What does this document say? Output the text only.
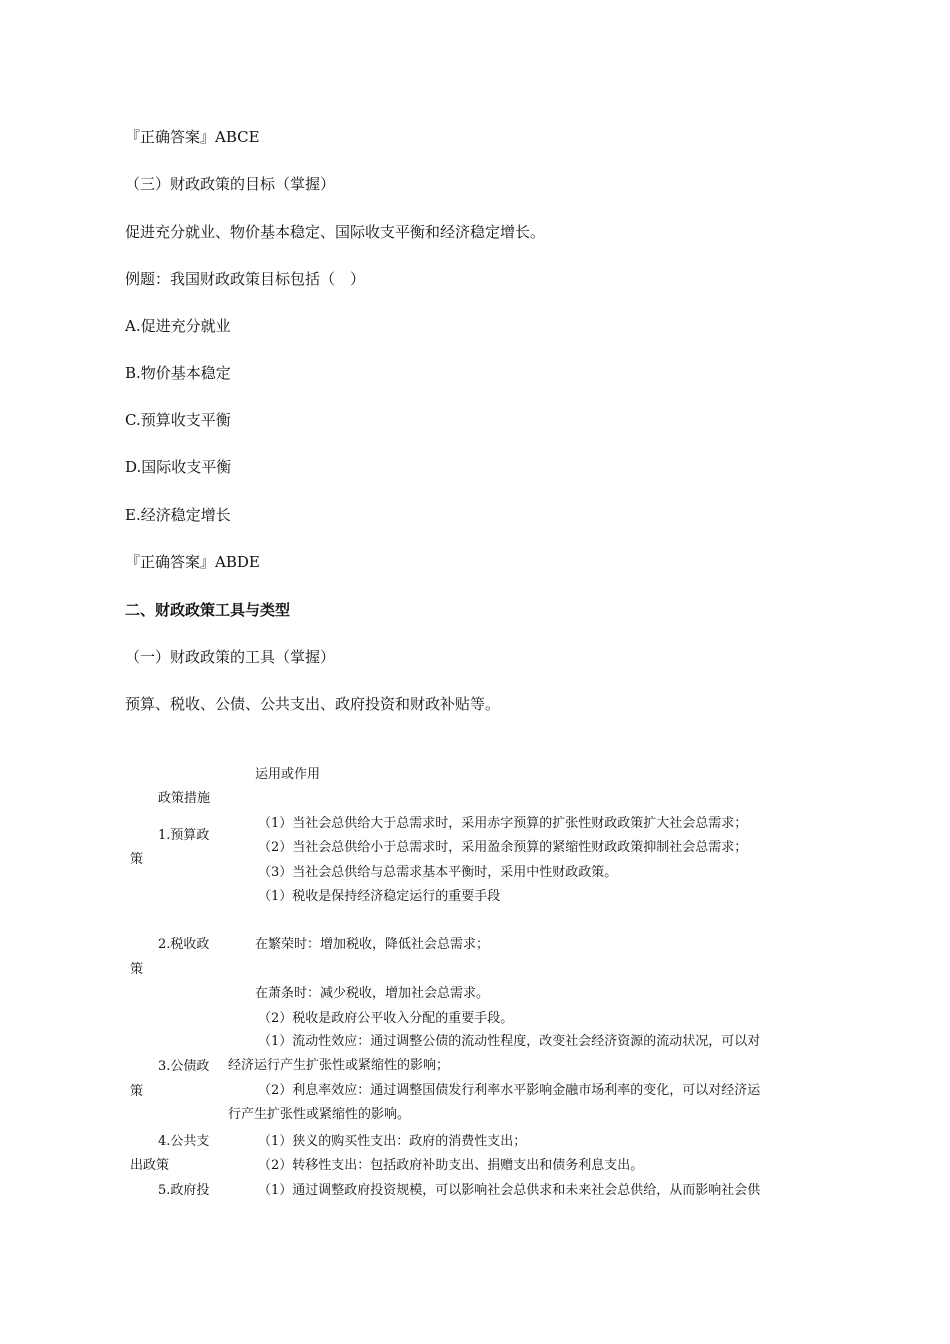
『正确答案』ABCE
（三）财政政策的目标（掌握）
促进充分就业、物价基本稳定、国际收支平衡和经济稳定增长。
例题：我国财政政策目标包括（　）
A.促进充分就业
B.物价基本稳定
C.预算收支平衡
D.国际收支平衡
E.经济稳定增长
『正确答案』ABDE
二、财政政策工具与类型
（一）财政政策的工具（掌握）
预算、税收、公债、公共支出、政府投资和财政补贴等。
运用或作用
政策措施
1.预算政
策
（1）当社会总供给大于总需求时，采用赤字预算的扩张性财政政策扩大社会总需求；
（2）当社会总供给小于总需求时，采用盈余预算的紧缩性财政政策抑制社会总需求；
（3）当社会总供给与总需求基本平衡时，采用中性财政政策。
2.税收政
策
（1）税收是保持经济稳定运行的重要手段
在繁荣时：增加税收，降低社会总需求；
在萧条时：减少税收，增加社会总需求。
（2）税收是政府公平收入分配的重要手段。
3.公债政
策
（1）流动性效应：通过调整公债的流动性程度，改变社会经济资源的流动状况，可以对
经济运行产生扩张性或紧缩性的影响；
（2）利息率效应：通过调整国债发行利率水平影响金融市场利率的变化，可以对经济运
行产生扩张性或紧缩性的影响。
4.公共支
出政策
（1）狭义的购买性支出：政府的消费性支出；
（2）转移性支出：包括政府补助支出、捐赠支出和债务利息支出。
5.政府投	（1）通过调整政府投资规模，可以影响社会总供求和未来社会总供给，从而影响社会供
